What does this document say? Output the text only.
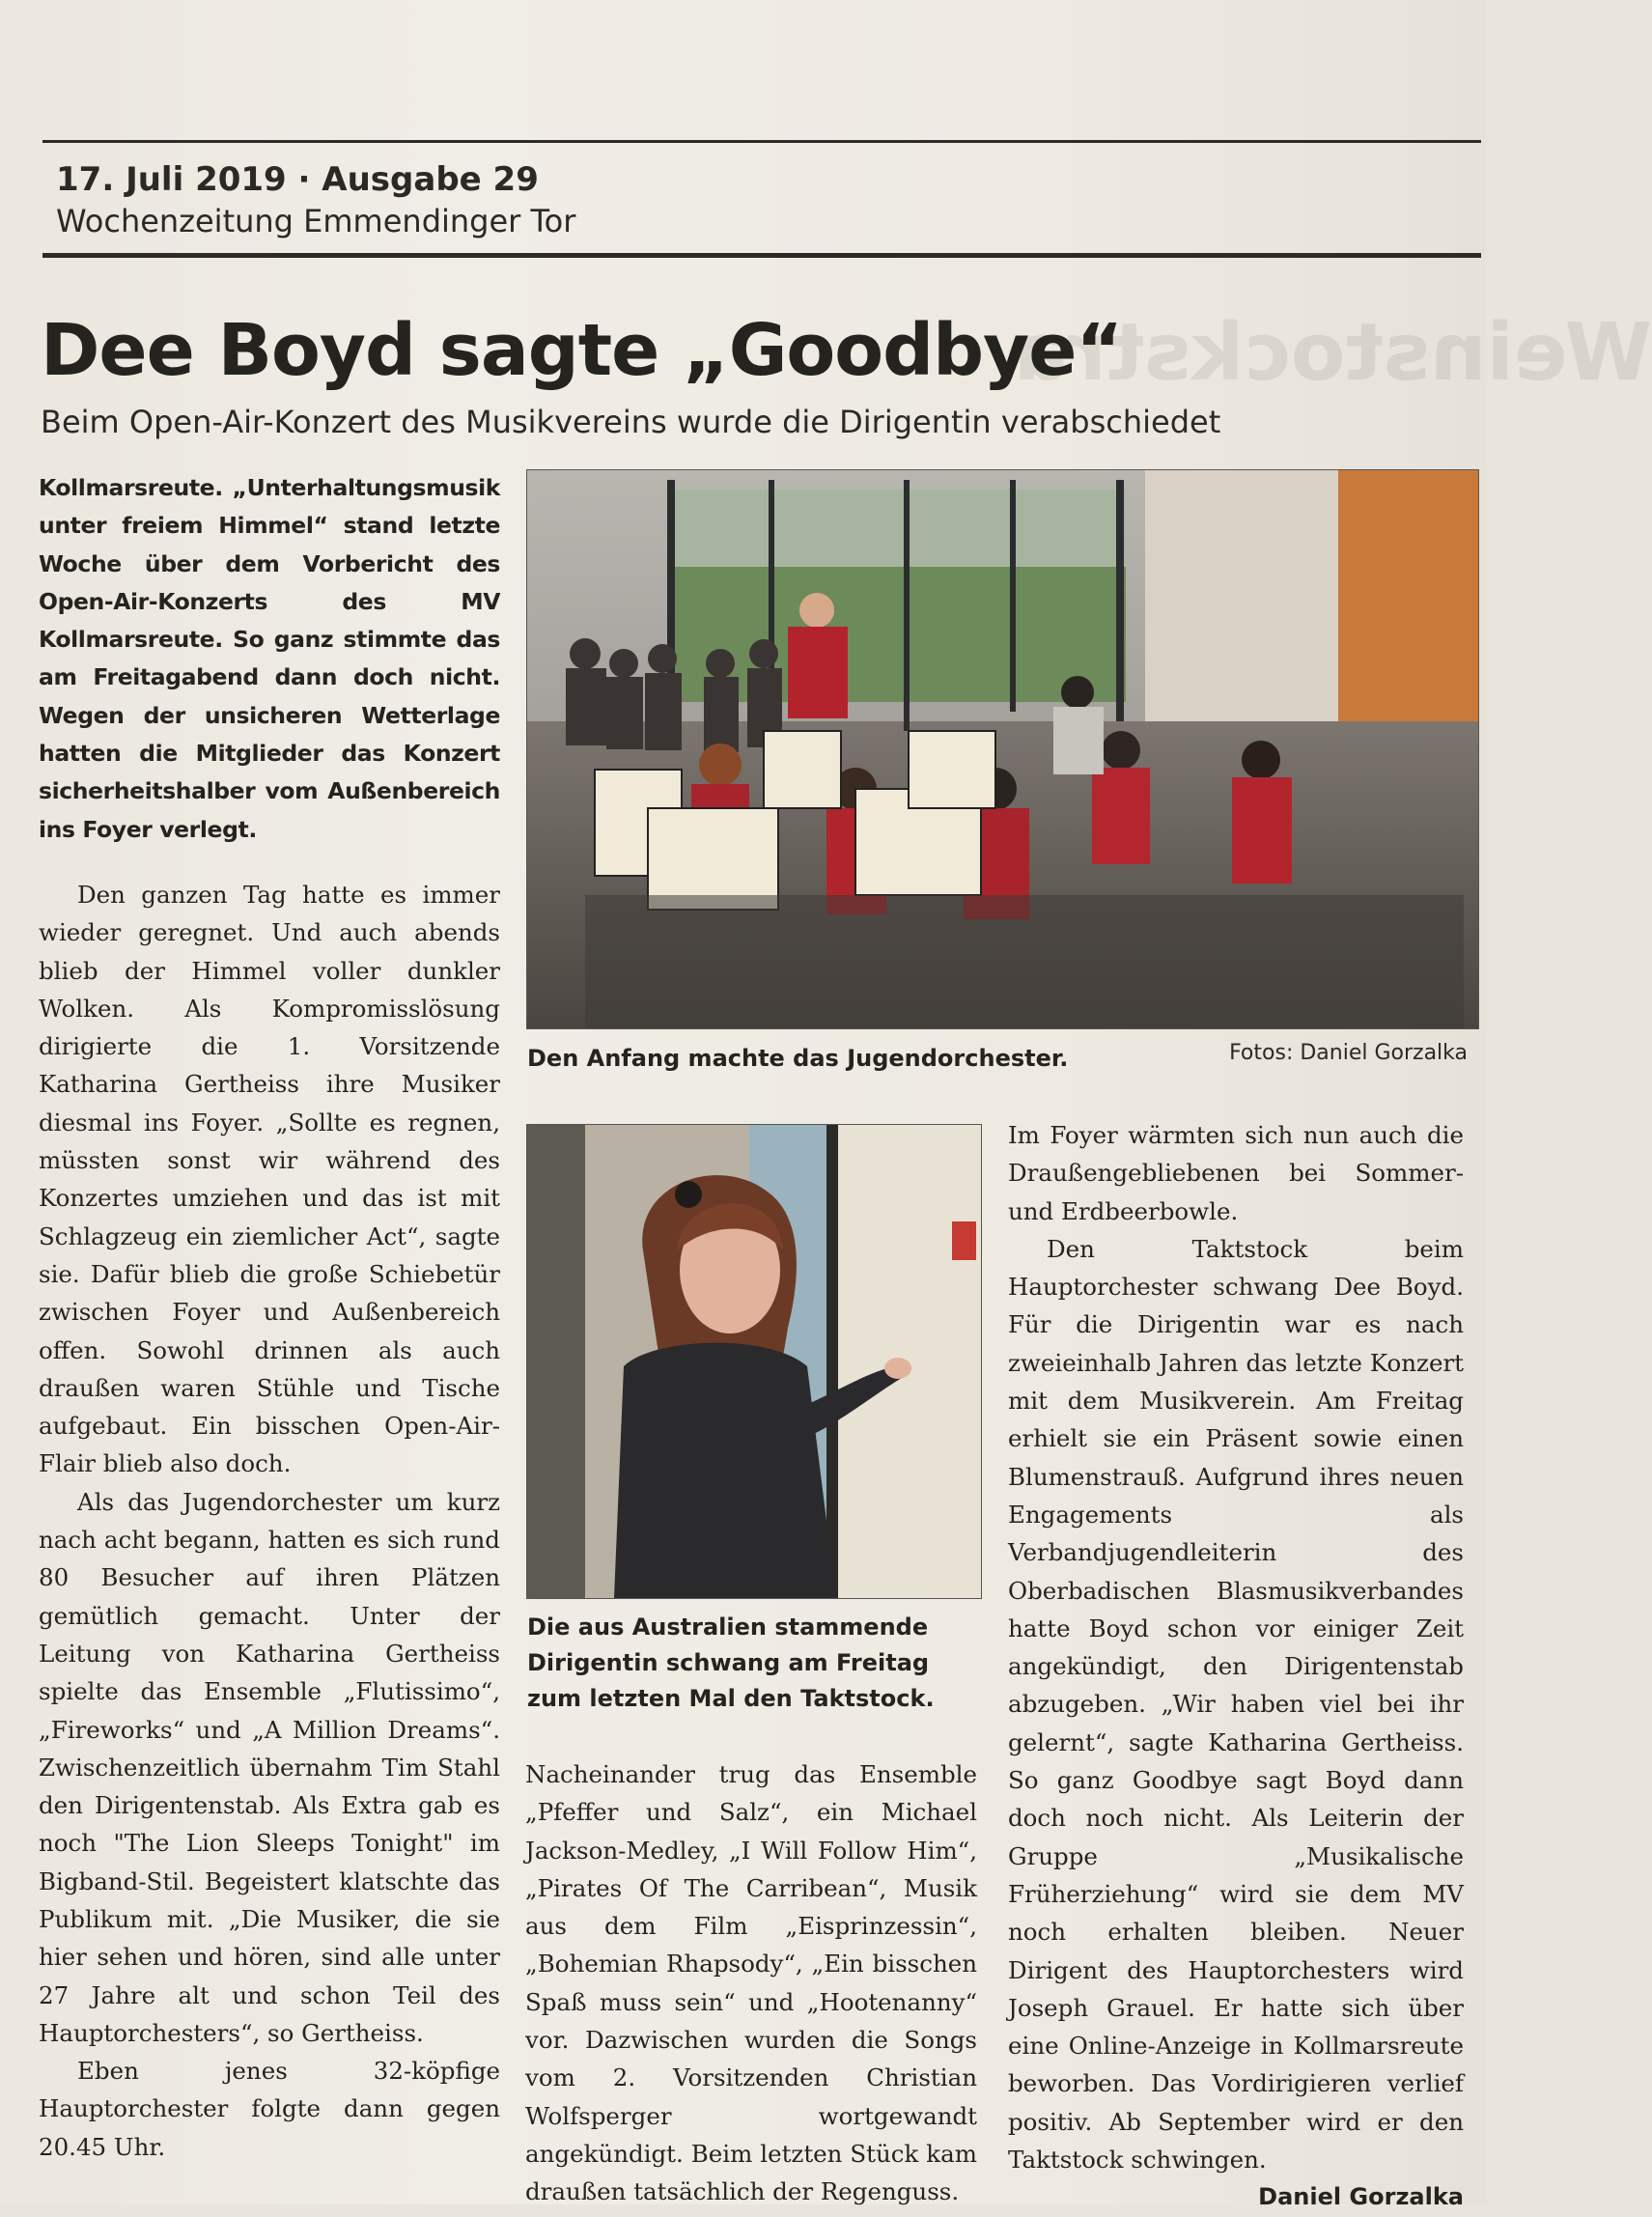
Weinstockstra
17. Juli 2019 · Ausgabe 29
Wochenzeitung Emmendinger Tor
Dee Boyd sagte „Goodbye“
Beim Open-Air-Konzert des Musikvereins wurde die Dirigentin verabschiedet

Kollmarsreute. „Unterhaltungsmusik unter freiem Himmel“ stand letzte Woche über dem Vorbericht des Open-Air-Konzerts des MV Kollmarsreute. So ganz stimmte das am Freitagabend dann doch nicht. Wegen der unsicheren Wetterlage hatten die Mitglieder das Konzert sicherheitshalber vom Außenbereich ins Foyer verlegt.

Den ganzen Tag hatte es immer wieder geregnet. Und auch abends blieb der Himmel voller dunkler Wolken. Als Kompromisslösung dirigierte die 1. Vorsitzende Katharina Gertheiss ihre Musiker diesmal ins Foyer. „Sollte es regnen, müssten sonst wir während des Konzertes umziehen und das ist mit Schlagzeug ein ziemlicher Act“, sagte sie. Dafür blieb die große Schiebetür zwischen Foyer und Außenbereich offen. Sowohl drinnen als auch draußen waren Stühle und Tische aufgebaut. Ein bisschen Open-Air-Flair blieb also doch.

Als das Jugendorchester um kurz nach acht begann, hatten es sich rund 80 Besucher auf ihren Plätzen gemütlich gemacht. Unter der Leitung von Katharina Gertheiss spielte das Ensemble „Flutissimo“, „Fireworks“ und „A Million Dreams“. Zwischenzeitlich übernahm Tim Stahl den Dirigentenstab. Als Extra gab es noch "The Lion Sleeps Tonight" im Bigband-Stil. Begeistert klatschte das Publikum mit. „Die Musiker, die sie hier sehen und hören, sind alle unter 27 Jahre alt und schon Teil des Hauptorchesters“, so Gertheiss.

Eben jenes 32-köpfige Hauptorchester folgte dann gegen 20.45 Uhr.

Den Anfang machte das Jugendorchester.	Fotos: Daniel Gorzalka
Die aus Australien stammende Dirigentin schwang am Freitag zum letzten Mal den Taktstock.

Nacheinander trug das Ensemble „Pfeffer und Salz“, ein Michael Jackson-Medley, „I Will Follow Him“, „Pirates Of The Carribean“, Musik aus dem Film „Eisprinzessin“, „Bohemian Rhapsody“, „Ein bisschen Spaß muss sein“ und „Hootenanny“ vor. Dazwischen wurden die Songs vom 2. Vorsitzenden Christian Wolfsperger wortgewandt angekündigt. Beim letzten Stück kam draußen tatsächlich der Regenguss.

Im Foyer wärmten sich nun auch die Draußengebliebenen bei Sommer- und Erdbeerbowle.

Den Taktstock beim Hauptorchester schwang Dee Boyd. Für die Dirigentin war es nach zweieinhalb Jahren das letzte Konzert mit dem Musikverein. Am Freitag erhielt sie ein Präsent sowie einen Blumenstrauß. Aufgrund ihres neuen Engagements als Verbandjugendleiterin des Oberbadischen Blasmusikverbandes hatte Boyd schon vor einiger Zeit angekündigt, den Dirigentenstab abzugeben. „Wir haben viel bei ihr gelernt“, sagte Katharina Gertheiss. So ganz Goodbye sagt Boyd dann doch noch nicht. Als Leiterin der Gruppe „Musikalische Früherziehung“ wird sie dem MV noch erhalten bleiben. Neuer Dirigent des Hauptorchesters wird Joseph Grauel. Er hatte sich über eine Online-Anzeige in Kollmarsreute beworben. Das Vordirigieren verlief positiv. Ab September wird er den Taktstock schwingen.

Daniel Gorzalka
